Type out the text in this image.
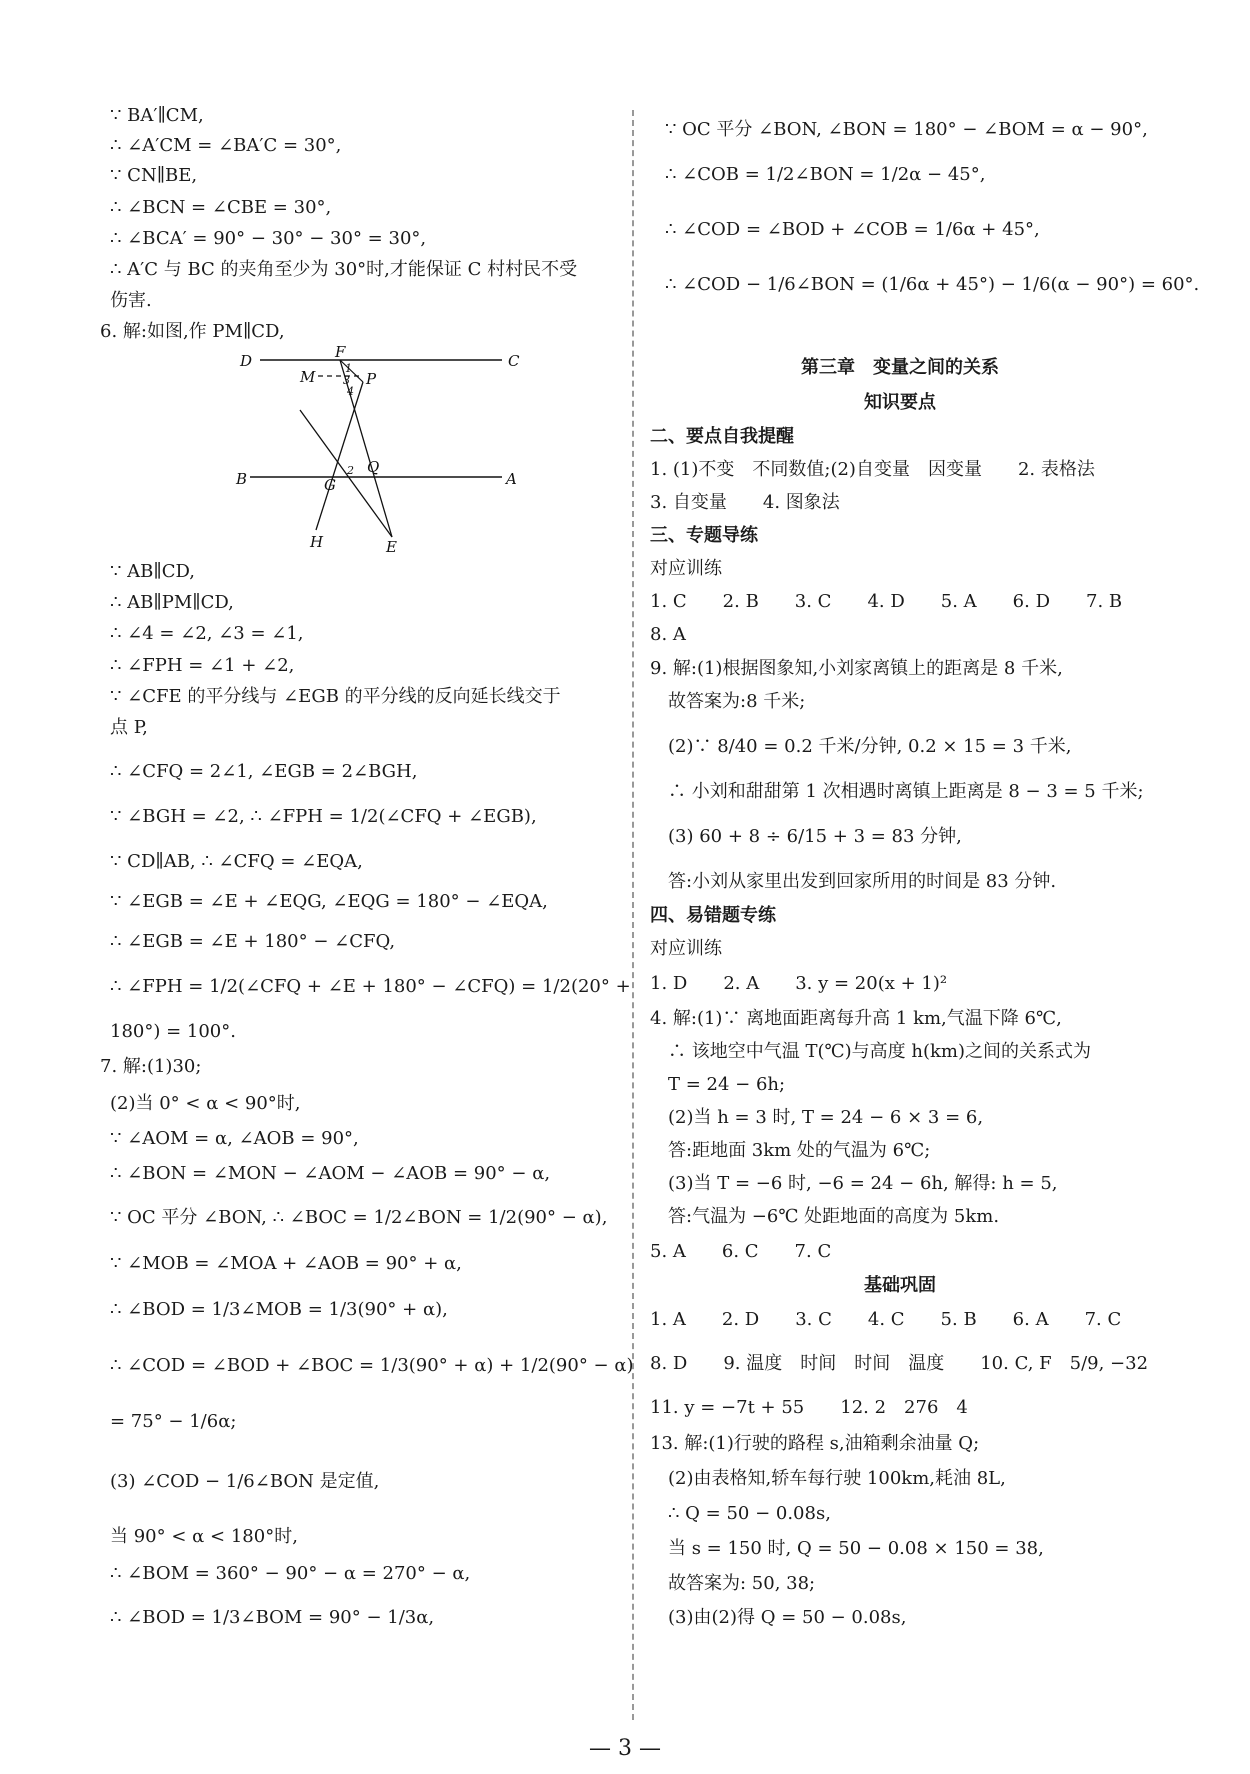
∵ BA′∥CM,
∴ ∠A′CM = ∠BA′C = 30°,
∵ CN∥BE,
∴ ∠BCN = ∠CBE = 30°,
∴ ∠BCA′ = 90° − 30° − 30° = 30°,
∴ A′C 与 BC 的夹角至少为 30°时,才能保证 C 村村民不受
伤害.
6. 解:如图,作 PM∥CD,
D	F	C
M	P
B	G
Q
A
H	E
1
3
4
2
∵ AB∥CD,
∴ AB∥PM∥CD,
∴ ∠4 = ∠2, ∠3 = ∠1,
∴ ∠FPH = ∠1 + ∠2,
∵ ∠CFE 的平分线与 ∠EGB 的平分线的反向延长线交于
点 P,
∴ ∠CFQ = 2∠1, ∠EGB = 2∠BGH,
∵ ∠BGH = ∠2, ∴ ∠FPH = 1/2(∠CFQ + ∠EGB),
∵ CD∥AB, ∴ ∠CFQ = ∠EQA,
∵ ∠EGB = ∠E + ∠EQG, ∠EQG = 180° − ∠EQA,
∴ ∠EGB = ∠E + 180° − ∠CFQ,
∴ ∠FPH = 1/2(∠CFQ + ∠E + 180° − ∠CFQ) = 1/2(20° +
180°) = 100°.
7. 解:(1)30;
(2)当 0° < α < 90°时,
∵ ∠AOM = α, ∠AOB = 90°,
∴ ∠BON = ∠MON − ∠AOM − ∠AOB = 90° − α,
∵ OC 平分 ∠BON, ∴ ∠BOC = 1/2∠BON = 1/2(90° − α),
∵ ∠MOB = ∠MOA + ∠AOB = 90° + α,
∴ ∠BOD = 1/3∠MOB = 1/3(90° + α),
∴ ∠COD = ∠BOD + ∠BOC = 1/3(90° + α) + 1/2(90° − α)
= 75° − 1/6α;
(3) ∠COD − 1/6∠BON 是定值,
当 90° < α < 180°时,
∴ ∠BOM = 360° − 90° − α = 270° − α,
∴ ∠BOD = 1/3∠BOM = 90° − 1/3α,
∵ OC 平分 ∠BON, ∠BON = 180° − ∠BOM = α − 90°,
∴ ∠COB = 1/2∠BON = 1/2α − 45°,
∴ ∠COD = ∠BOD + ∠COB = 1/6α + 45°,
∴ ∠COD − 1/6∠BON = (1/6α + 45°) − 1/6(α − 90°) = 60°.
第三章　变量之间的关系
知识要点
二、要点自我提醒
1. (1)不变　不同数值;(2)自变量　因变量　　2. 表格法
3. 自变量　　4. 图象法
三、专题导练
对应训练
1. C　　2. B　　3. C　　4. D　　5. A　　6. D　　7. B
8. A
9. 解:(1)根据图象知,小刘家离镇上的距离是 8 千米,
故答案为:8 千米;
(2)∵ 8/40 = 0.2 千米/分钟, 0.2 × 15 = 3 千米,
∴ 小刘和甜甜第 1 次相遇时离镇上距离是 8 − 3 = 5 千米;
(3) 60 + 8 ÷ 6/15 + 3 = 83 分钟,
答:小刘从家里出发到回家所用的时间是 83 分钟.
四、易错题专练
对应训练
1. D　　2. A　　3. y = 20(x + 1)²
4. 解:(1)∵ 离地面距离每升高 1 km,气温下降 6℃,
∴ 该地空中气温 T(℃)与高度 h(km)之间的关系式为
T = 24 − 6h;
(2)当 h = 3 时, T = 24 − 6 × 3 = 6,
答:距地面 3km 处的气温为 6℃;
(3)当 T = −6 时, −6 = 24 − 6h, 解得: h = 5,
答:气温为 −6℃ 处距地面的高度为 5km.
5. A　　6. C　　7. C
基础巩固
1. A　　2. D　　3. C　　4. C　　5. B　　6. A　　7. C
8. D　　9. 温度　时间　时间　温度　　10. C, F　5/9, −32
11. y = −7t + 55　　12. 2　276　4
13. 解:(1)行驶的路程 s,油箱剩余油量 Q;
(2)由表格知,轿车每行驶 100km,耗油 8L,
∴ Q = 50 − 0.08s,
当 s = 150 时, Q = 50 − 0.08 × 150 = 38,
故答案为: 50, 38;
(3)由(2)得 Q = 50 − 0.08s,
— 3 —
